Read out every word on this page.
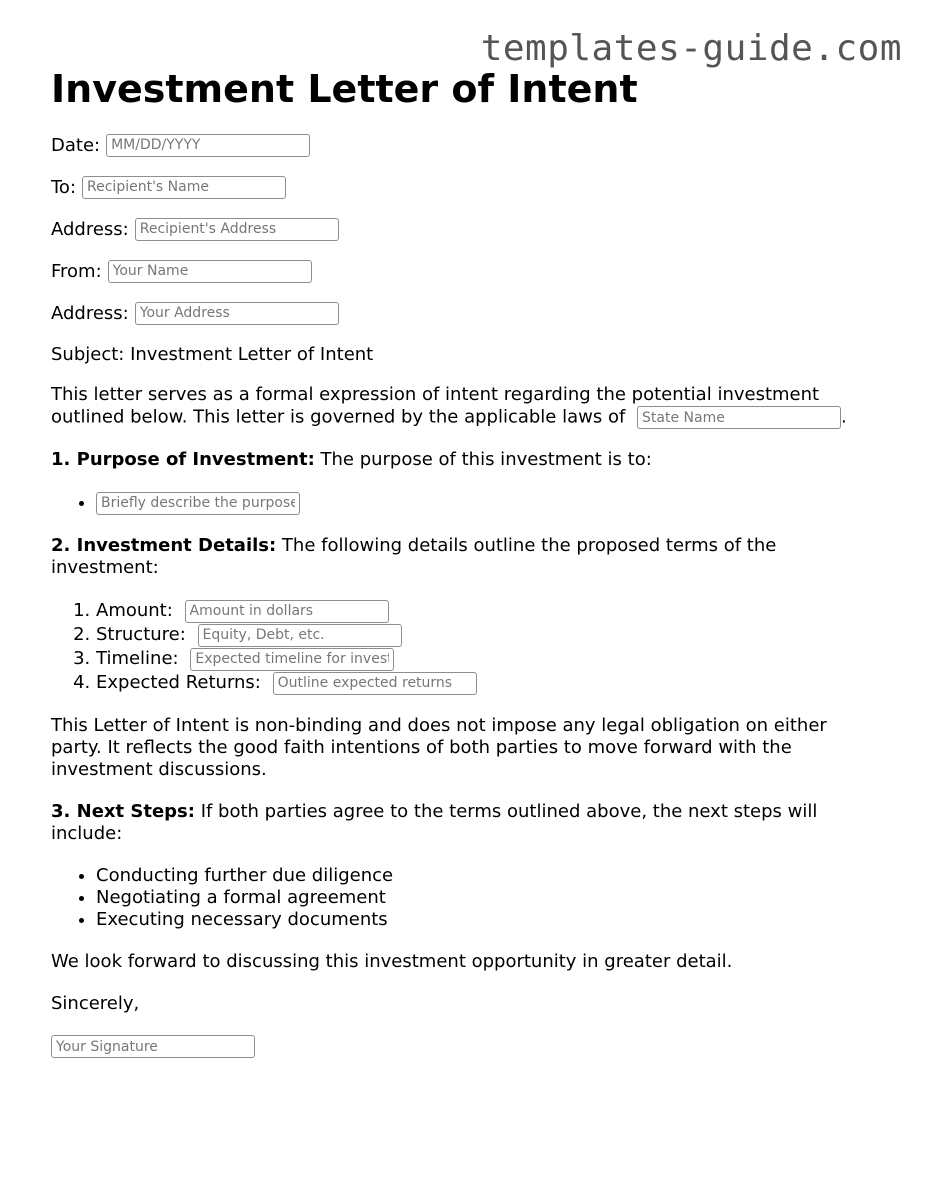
templates-guide.com
Investment Letter of Intent
Date:
MM/DD/YYYY
To:
Recipient's Name
Address:
Recipient's Address
From:
Your Name
Address:
Your Address

Subject: Investment Letter of Intent

This letter serves as a formal expression of intent regarding the potential investment outlined below. This letter is governed by the applicable laws of State Name	.

1. Purpose of Investment: The purpose of this investment is to:

• Briefly describe the purpose

2. Investment Details: The following details outline the proposed terms of the investment:

1. Amount: Amount in dollars
2. Structure: Equity, Debt, etc.
3. Timeline: Expected timeline for investment
4. Expected Returns: Outline expected returns

This Letter of Intent is non-binding and does not impose any legal obligation on either party. It reflects the good faith intentions of both parties to move forward with the investment discussions.

3. Next Steps: If both parties agree to the terms outlined above, the next steps will include:

• Conducting further due diligence
• Negotiating a formal agreement
• Executing necessary documents

We look forward to discussing this investment opportunity in greater detail.

Sincerely,

Your Signature
